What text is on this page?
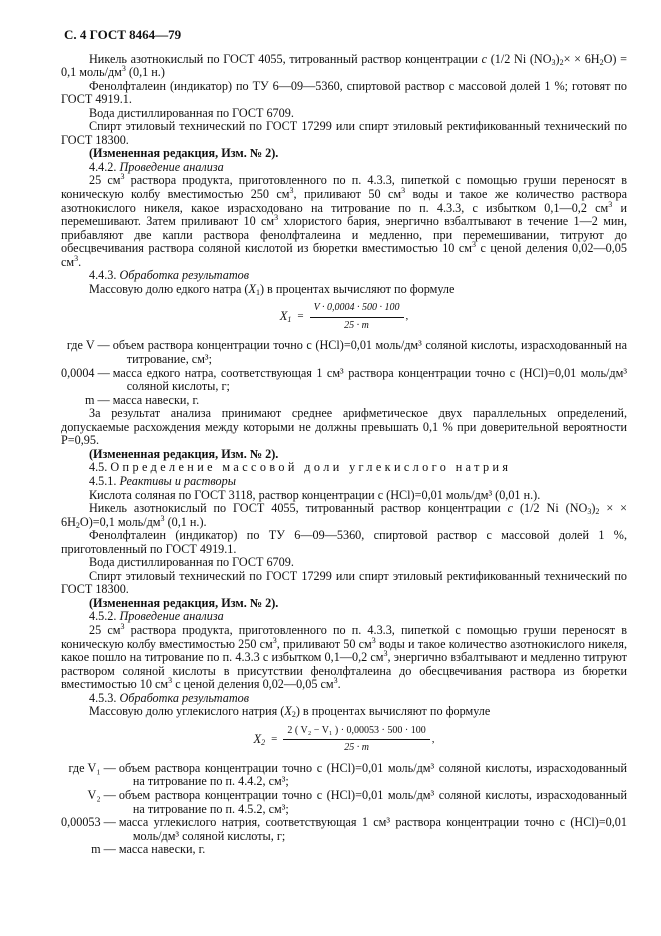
С. 4 ГОСТ 8464—79

Никель азотнокислый по ГОСТ 4055, титрованный раствор концентрации c (1/2 Ni $(NO_3)_2\times \times 6H_2O) = 0,1$ моль/$дм^3$ (0,1 н.)

Фенолфталеин (индикатор) по ТУ 6—09—5360, спиртовой раствор с массовой долей 1 %; готовят по ГОСТ 4919.1.

Вода дистиллированная по ГОСТ 6709.

Спирт этиловый технический по ГОСТ 17299 или спирт этиловый ректификованный технический по ГОСТ 18300.

(Измененная редакция, Изм. № 2).

4.4.2. Проведение анализа

25 $см^3$ раствора продукта, приготовленного по п. 4.3.3, пипеткой с помощью груши переносят в коническую колбу вместимостью 250 $см^3$, приливают 50 $см^3$ воды и такое же количество раствора азотнокислого никеля, какое израсходовано на титрование по п. 4.3.3, с избытком 0,1—0,2 $см^3$ и перемешивают. Затем приливают 10 $см^3$ хлористого бария, энергично взбалтывают в течение 1—2 мин, прибавляют две капли раствора фенолфталеина и медленно, при перемешивании, титруют до обесцвечивания раствора соляной кислотой из бюретки вместимостью 10 $см^3$ с ценой деления 0,02—0,05 $см^3$.

4.4.3. Обработка результатов

Массовую долю едкого натра $(X_1)$ в процентах вычисляют по формуле

$X_1 = \frac{V \cdot 0,0004 \cdot 500 \cdot 100}{25 \cdot m}$ ,
где V — объем раствора концентрации точно c (HCl)=0,01 моль/дм³ соляной кислоты, израсходованный на титрование, см³;
0,0004 — масса едкого натра, соответствующая 1 см³ раствора концентрации точно c (HCl)=0,01 моль/дм³ соляной кислоты, г;
m — масса навески, г.

За результат анализа принимают среднее арифметическое двух параллельных определений, допускаемые расхождения между которыми не должны превышать 0,1 % при доверительной вероятности P=0,95.

(Измененная редакция, Изм. № 2).

4.5. Определение массовой доли углекислого натрия

4.5.1. Реактивы и растворы

Кислота соляная по ГОСТ 3118, раствор концентрации c (HCl)=0,01 моль/дм³ (0,01 н.).

Никель азотнокислый по ГОСТ 4055, титрованный раствор концентрации c (1/2 Ni $(NO_3)_2$ × × $6H_2O)=0,1$ моль/$дм^3$ (0,1 н.).

Фенолфталеин (индикатор) по ТУ 6—09—5360, спиртовой раствор с массовой долей 1 %, приготовленный по ГОСТ 4919.1.

Вода дистиллированная по ГОСТ 6709.

Спирт этиловый технический по ГОСТ 17299 или спирт этиловый ректификованный технический по ГОСТ 18300.

(Измененная редакция, Изм. № 2).

4.5.2. Проведение анализа

25 $см^3$ раствора продукта, приготовленного по п. 4.3.3, пипеткой с помощью груши переносят в коническую колбу вместимостью 250 $см^3$, приливают 50 $см^3$ воды и такое количество азотнокислого никеля, какое пошло на титрование по п. 4.3.3 с избытком 0,1—0,2 $см^3$, энергично взбалтывают и медленно титруют раствором соляной кислоты в присутствии фенолфталеина до обесцвечивания раствора из бюретки вместимостью 10 $см^3$ с ценой деления 0,02—0,05 $см^3$.

4.5.3. Обработка результатов

Массовую долю углекислого натрия $(X_2)$ в процентах вычисляют по формуле

$X_2 = \frac{\text{2 ( V₂ − V₁ ) · 0,00053 · 500 · 100}}{25 \cdot m}$ ,
где V₁ — объем раствора концентрации точно c (HCl)=0,01 моль/дм³ соляной кислоты, израсходованный на титрование по п. 4.4.2, см³;
V₂ — объем раствора концентрации точно c (HCl)=0,01 моль/дм³ соляной кислоты, израсходованный на титрование по п. 4.5.2, см³;
0,00053 — масса углекислого натрия, соответствующая 1 см³ раствора концентрации точно c (HCl)=0,01 моль/дм³ соляной кислоты, г;
m — масса навески, г.
